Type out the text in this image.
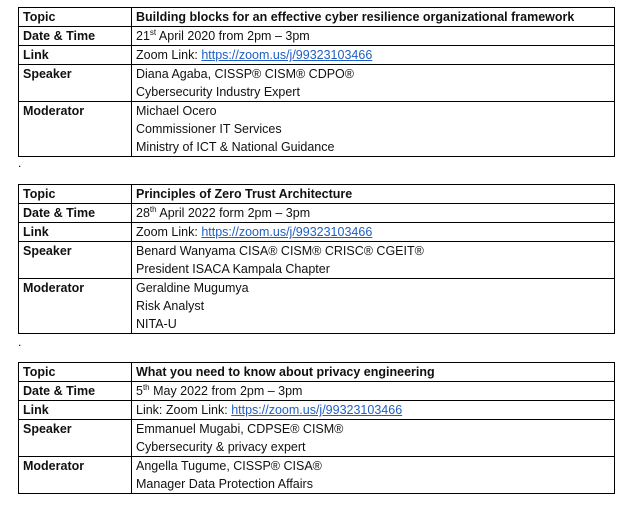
Topic	Building blocks for an effective cyber resilience organizational framework
Date & Time	21st April 2020 from 2pm – 3pm
Link	Zoom Link: https://zoom.us/j/99323103466
Speaker	Diana Agaba, CISSP® CISM® CDPO®
Cybersecurity Industry Expert

Moderator	Michael Ocero
Commissioner IT Services
Ministry of ICT & National Guidance
.
Topic	Principles of Zero Trust Architecture
Date & Time	28th April 2022 form 2pm – 3pm
Link	Zoom Link: https://zoom.us/j/99323103466
Speaker	Benard Wanyama CISA® CISM® CRISC® CGEIT®
President ISACA Kampala Chapter

Moderator	Geraldine Mugumya
Risk Analyst
NITA-U
.
Topic	What you need to know about privacy engineering
Date & Time	5th May 2022 from 2pm – 3pm
Link	Link: Zoom Link: https://zoom.us/j/99323103466
Speaker	Emmanuel Mugabi, CDPSE® CISM®
Cybersecurity & privacy expert

Moderator	Angella Tugume, CISSP® CISA®
Manager Data Protection Affairs
